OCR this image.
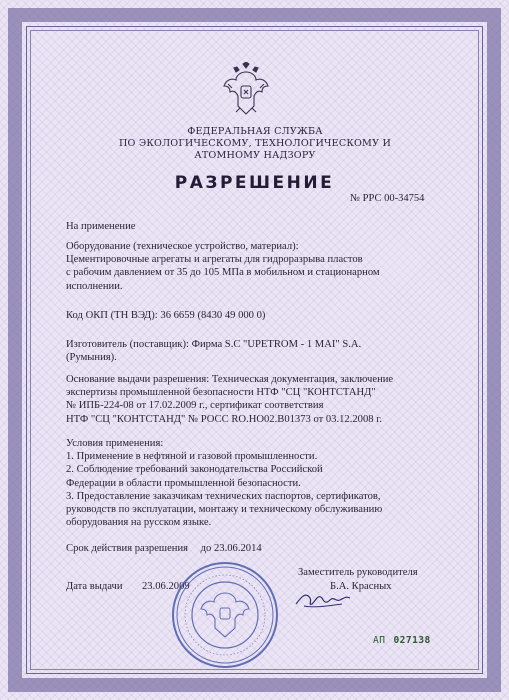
ФЕДЕРАЛЬНАЯ СЛУЖБА
ПО ЭКОЛОГИЧЕСКОМУ, ТЕХНОЛОГИЧЕСКОМУ И АТОМНОМУ НАДЗОРУ
РАЗРЕШЕНИЕ
№ РРС 00-34754
На применение
Оборудование (техническое устройство, материал):
Цементировочные агрегаты и агрегаты для гидроразрыва пластов
с рабочим давлением от 35 до 105 МПа в мобильном и стационарном
исполнении.
Код ОКП (ТН ВЭД): 36 6659 (8430 49 000 0)
Изготовитель (поставщик): Фирма S.C "UPETROM - 1 MAI" S.A.
(Румыния).
Основание выдачи разрешения: Техническая документация, заключение
экспертизы промышленной безопасности НТФ "СЦ "КОНТСТАНД"
№ ИПБ-224-08 от 17.02.2009 г., сертификат соответствия
НТФ "СЦ "КОНТСТАНД" № РОСС RO.HO02.B01373 от 03.12.2008 г.
Условия применения:
1. Применение в нефтяной и газовой промышленности.
2. Соблюдение требований законодательства Российской
Федерации в области промышленной безопасности.
3. Предоставление заказчикам технических паспортов, сертификатов,
руководств по эксплуатации, монтажу и техническому обслуживанию
оборудования на русском языке.
Срок действия разрешения до 23.06.2014
Заместитель руководителя
Б.А. Красных
Дата выдачи 23.06.2009
АП 027138
